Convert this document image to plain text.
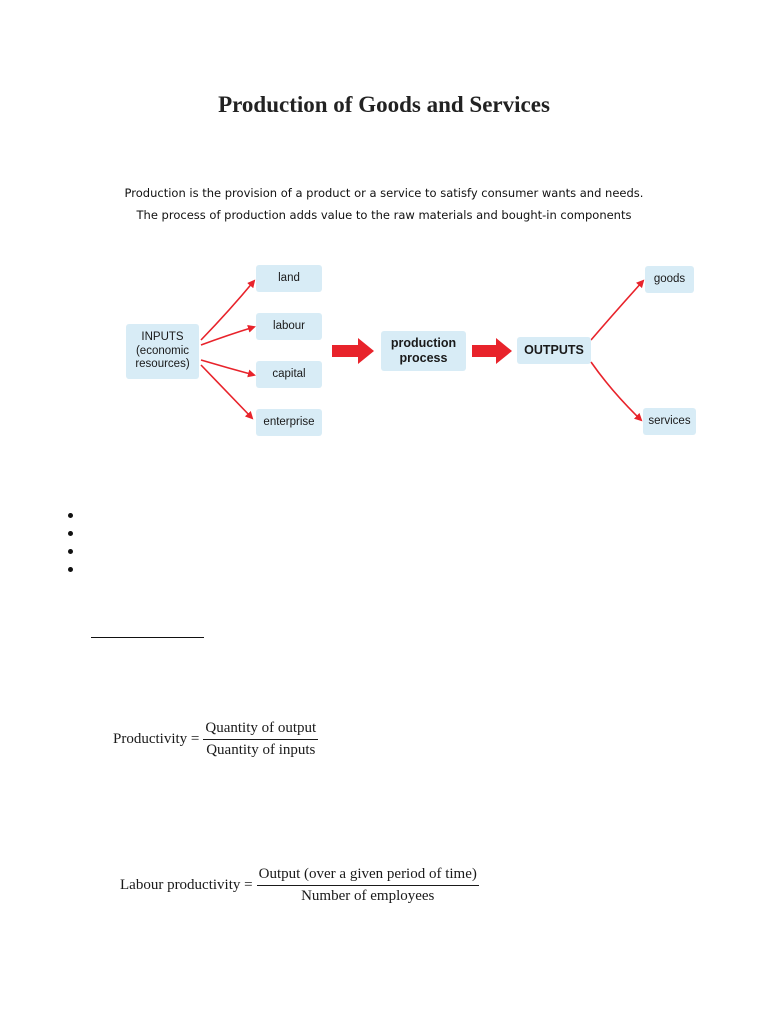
Production of Goods and Services
Production is the provision of a product or a service to satisfy consumer wants and needs.
The process of production adds value to the raw materials and bought-in components
INPUTS
(economic
resources)
land
labour
capital
enterprise
production
process
OUTPUTS
goods
services
Productivity = $\frac{\text{Quantity of output}}{\text{Quantity of inputs}}$
Labour productivity = $\frac{\text{Output (over a given period of time)}}{\text{Number of employees}}$
